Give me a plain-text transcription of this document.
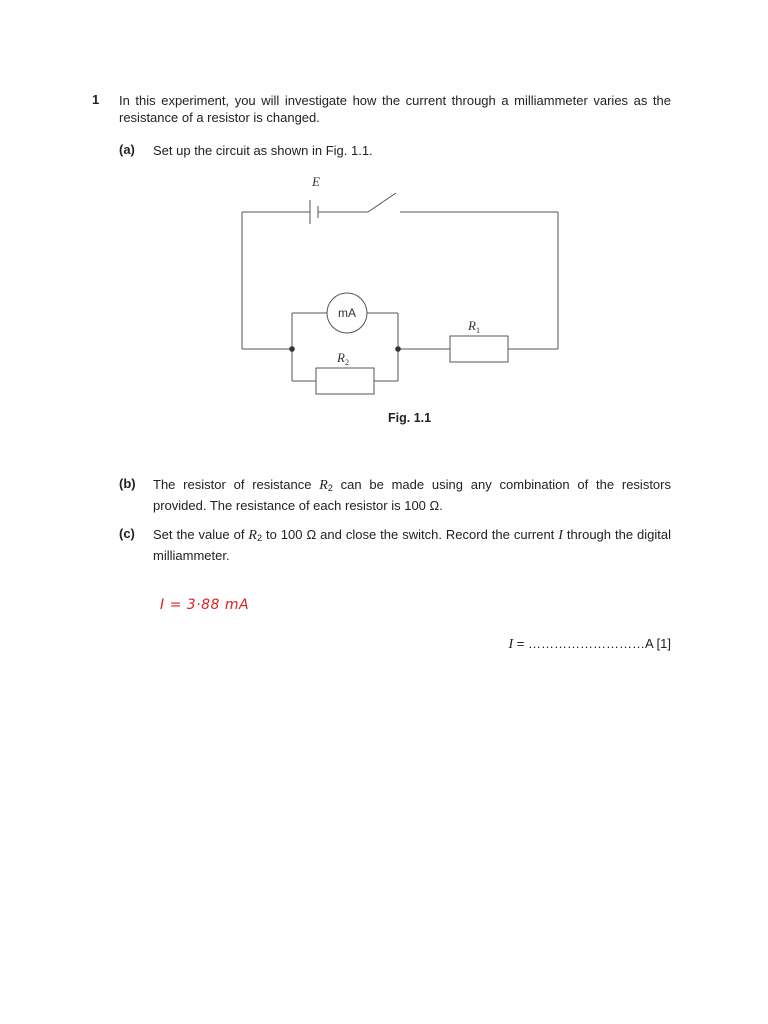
1 In this experiment, you will investigate how the current through a milliammeter varies as the resistance of a resistor is changed.
(a) Set up the circuit as shown in Fig. 1.1.
E
mA
$R_1$
$R_2$
Fig. 1.1
(b) The resistor of resistance $R_2$ can be made using any combination of the resistors provided. The resistance of each resistor is 100 Ω.
(c) Set the value of $R_2$ to 100 Ω and close the switch. Record the current I through the digital milliammeter.
I = 3·88 mA
I = ………………………A [1]
